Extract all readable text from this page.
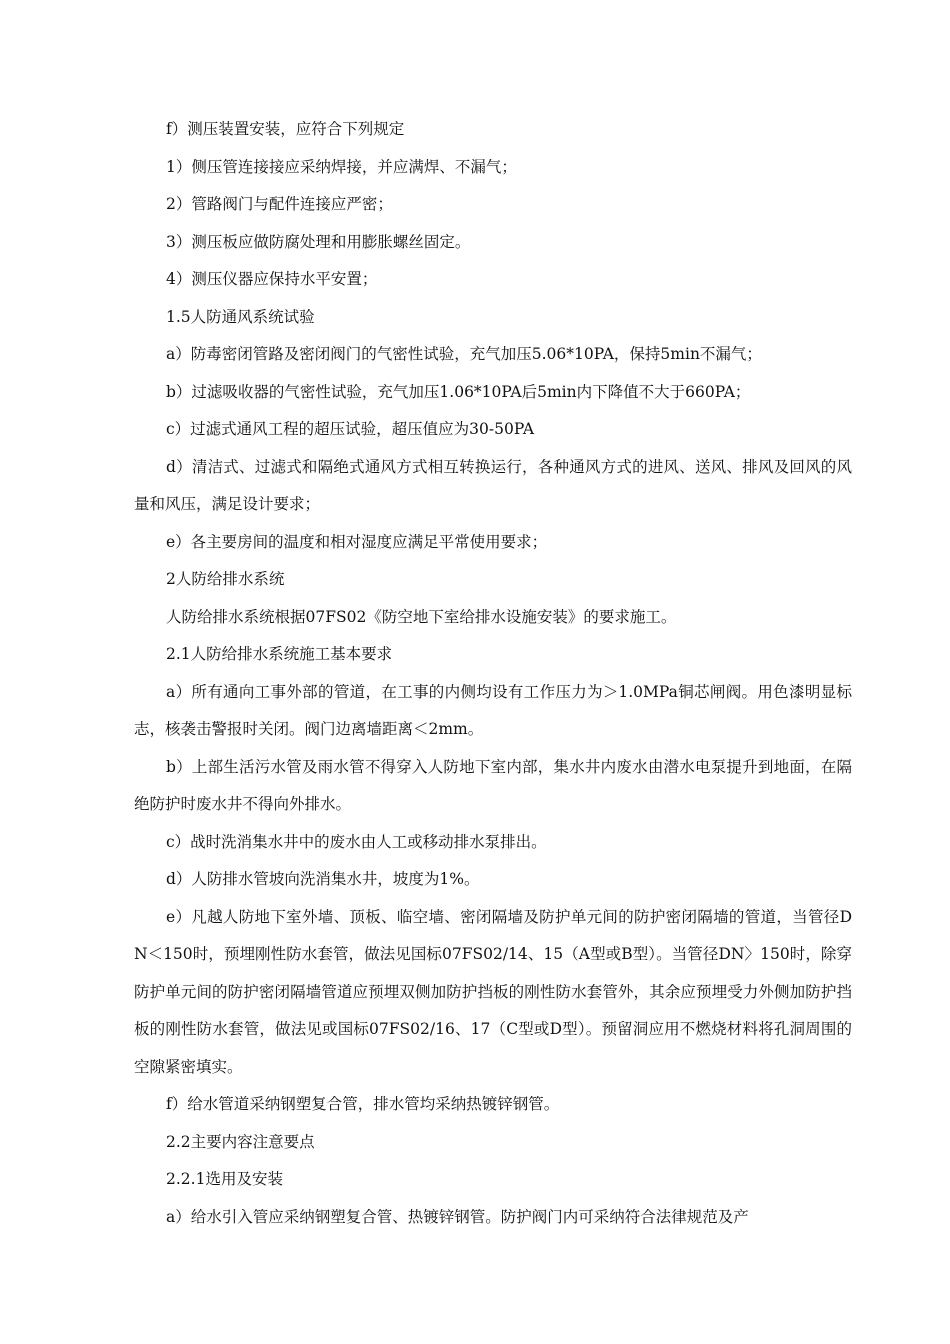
f）测压装置安装，应符合下列规定

1）侧压管连接接应采纳焊接，并应满焊、不漏气；

2）管路阀门与配件连接应严密；

3）测压板应做防腐处理和用膨胀螺丝固定。

4）测压仪器应保持水平安置；

1.5人防通风系统试验

a）防毒密闭管路及密闭阀门的气密性试验，充气加压5.06*10PA，保持5min不漏气；

b）过滤吸收器的气密性试验，充气加压1.06*10PA后5min内下降值不大于660PA；

c）过滤式通风工程的超压试验，超压值应为30-50PA

d）清洁式、过滤式和隔绝式通风方式相互转换运行，各种通风方式的进风、送风、排风及回风的风量和风压，满足设计要求；

e）各主要房间的温度和相对湿度应满足平常使用要求；

2人防给排水系统

人防给排水系统根据07FS02《防空地下室给排水设施安装》的要求施工。

2.1人防给排水系统施工基本要求

a）所有通向工事外部的管道，在工事的内侧均设有工作压力为＞1.0MPa铜芯闸阀。用色漆明显标志，核袭击警报时关闭。阀门边离墙距离＜2mm。

b）上部生活污水管及雨水管不得穿入人防地下室内部，集水井内废水由潜水电泵提升到地面，在隔绝防护时废水井不得向外排水。

c）战时洗消集水井中的废水由人工或移动排水泵排出。

d）人防排水管坡向洗消集水井，坡度为1%。

e）凡越人防地下室外墙、顶板、临空墙、密闭隔墙及防护单元间的防护密闭隔墙的管道，当管径DN＜150时，预埋刚性防水套管，做法见国标07FS02/14、15（A型或B型）。当管径DN〉150时，除穿防护单元间的防护密闭隔墙管道应预埋双侧加防护挡板的刚性防水套管外，其余应预埋受力外侧加防护挡板的刚性防水套管，做法见或国标07FS02/16、17（C型或D型）。预留洞应用不燃烧材料将孔洞周围的空隙紧密填实。

f）给水管道采纳钢塑复合管，排水管均采纳热镀锌钢管。

2.2主要内容注意要点

2.2.1选用及安装

a）给水引入管应采纳钢塑复合管、热镀锌钢管。防护阀门内可采纳符合法律规范及产
